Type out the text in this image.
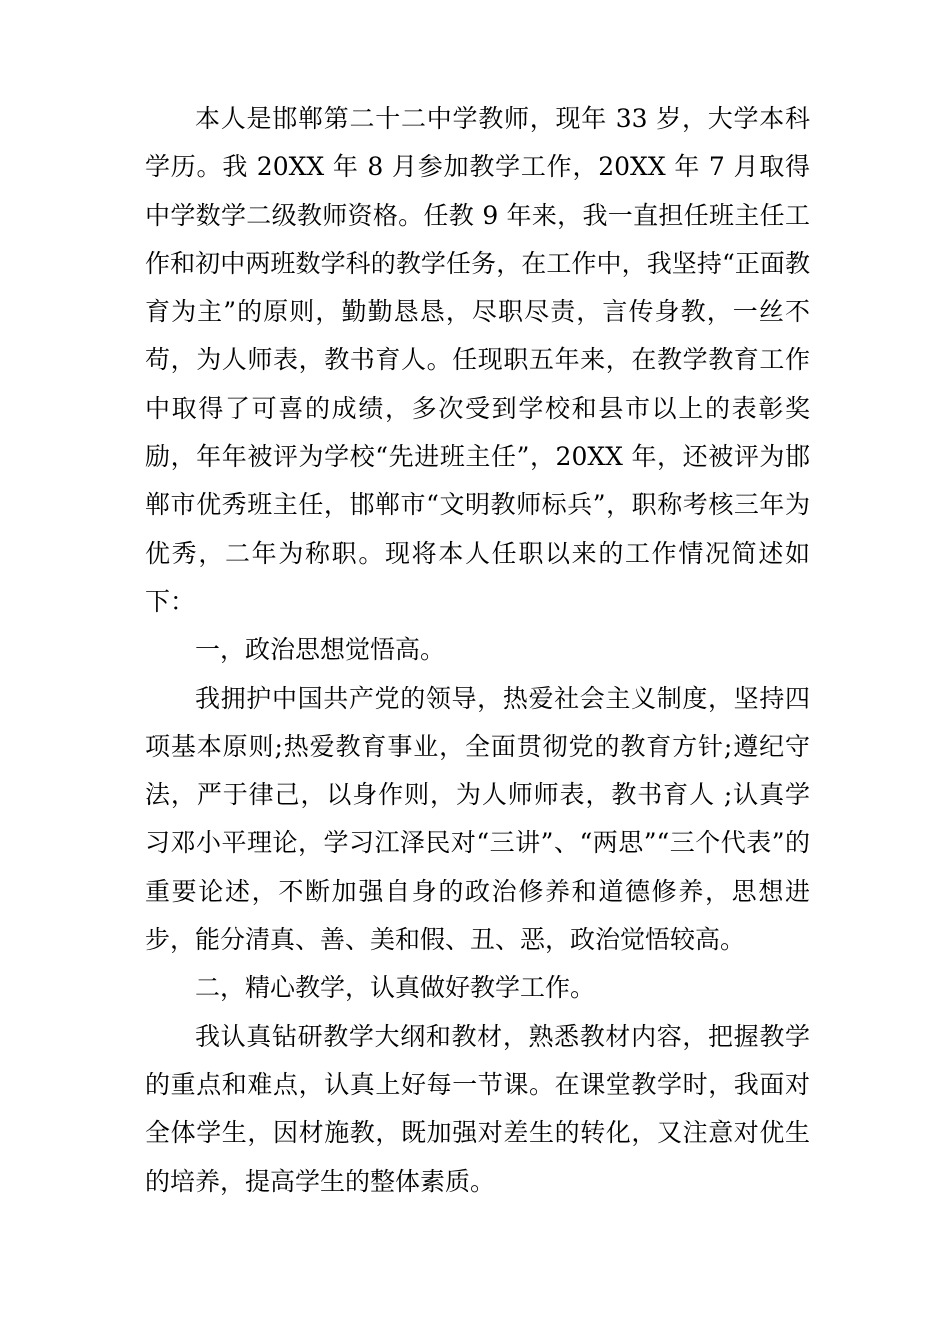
本人是邯郸第二十二中学教师，现年 33 岁，大学本科学历。我 20XX 年 8 月参加教学工作，20XX 年 7 月取得中学数学二级教师资格。任教 9 年来，我一直担任班主任工作和初中两班数学科的教学任务，在工作中，我坚持“正面教育为主”的原则，勤勤恳恳，尽职尽责，言传身教，一丝不苟，为人师表，教书育人。任现职五年来，在教学教育工作中取得了可喜的成绩，多次受到学校和县市以上的表彰奖励，年年被评为学校“先进班主任”，20XX 年，还被评为邯郸市优秀班主任，邯郸市“文明教师标兵”，职称考核三年为优秀，二年为称职。现将本人任职以来的工作情况简述如下：

一，政治思想觉悟高。

我拥护中国共产党的领导，热爱社会主义制度，坚持四项基本原则;热爱教育事业，全面贯彻党的教育方针;遵纪守法，严于律己，以身作则，为人师师表，教书育人 ;认真学习邓小平理论，学习江泽民对“三讲”、“两思”“三个代表”的重要论述，不断加强自身的政治修养和道德修养，思想进步，能分清真、善、美和假、丑、恶，政治觉悟较高。

二，精心教学，认真做好教学工作。

我认真钻研教学大纲和教材，熟悉教材内容，把握教学的重点和难点，认真上好每一节课。在课堂教学时，我面对全体学生，因材施教，既加强对差生的转化，又注意对优生的培养，提高学生的整体素质。
